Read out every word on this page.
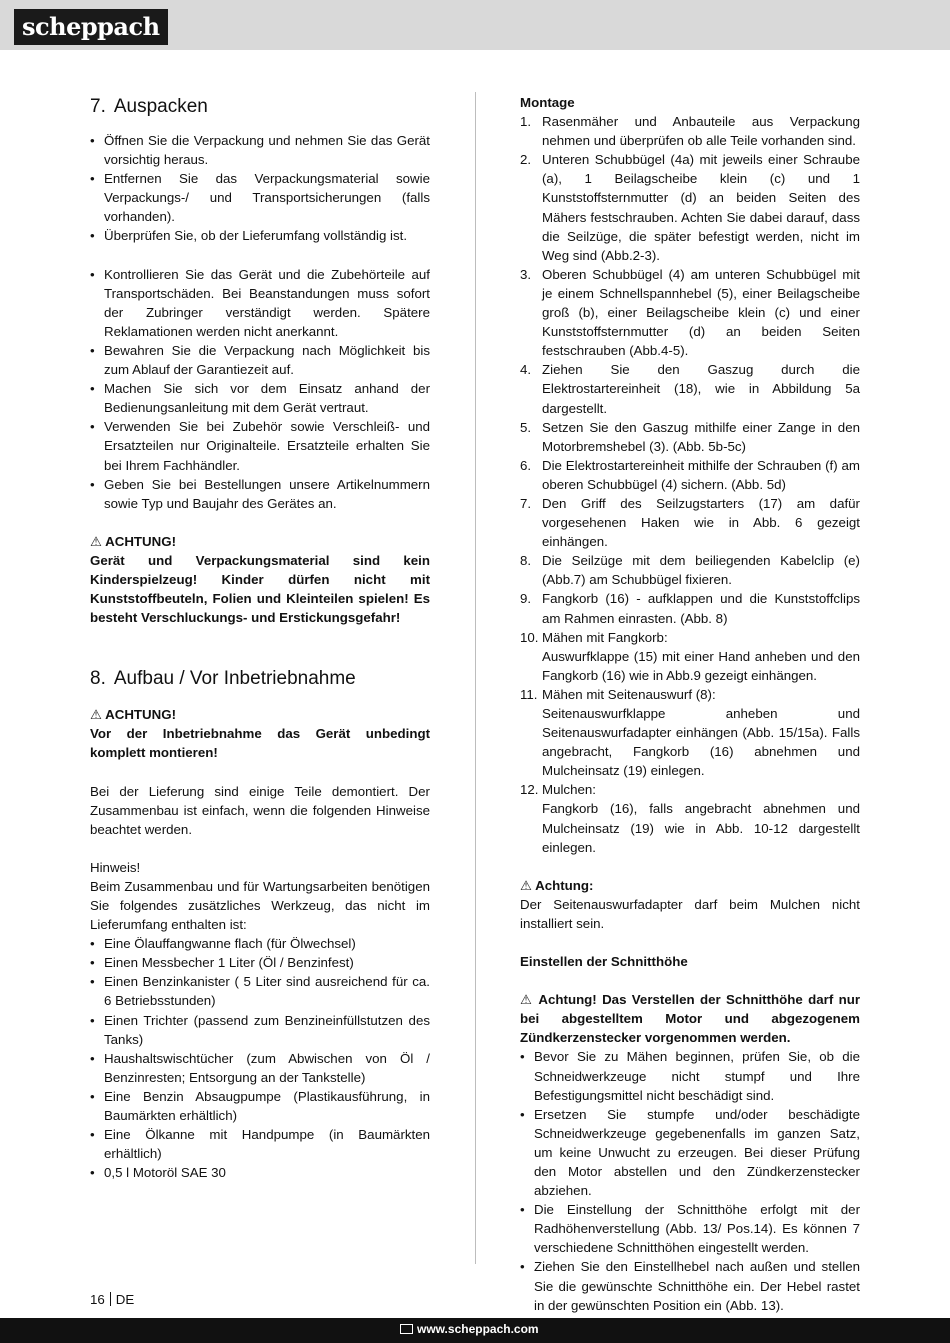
scheppach
7. Auspacken
• Öffnen Sie die Verpackung und nehmen Sie das Gerät vorsichtig heraus.
• Entfernen Sie das Verpackungsmaterial sowie Verpackungs-/ und Transportsicherungen (falls vorhanden).
• Überprüfen Sie, ob der Lieferumfang vollständig ist.
• Kontrollieren Sie das Gerät und die Zubehörteile auf Transportschäden. Bei Beanstandungen muss sofort der Zubringer verständigt werden. Spätere Reklamationen werden nicht anerkannt.
• Bewahren Sie die Verpackung nach Möglichkeit bis zum Ablauf der Garantiezeit auf.
• Machen Sie sich vor dem Einsatz anhand der Bedienungsanleitung mit dem Gerät vertraut.
• Verwenden Sie bei Zubehör sowie Verschleiß- und Ersatzteilen nur Originalteile. Ersatzteile erhalten Sie bei Ihrem Fachhändler.
• Geben Sie bei Bestellungen unsere Artikelnummern sowie Typ und Baujahr des Gerätes an.

⚠ ACHTUNG!

Gerät und Verpackungsmaterial sind kein Kinderspielzeug! Kinder dürfen nicht mit Kunststoffbeuteln, Folien und Kleinteilen spielen! Es besteht Verschluckungs- und Erstickungsgefahr!

8. Aufbau / Vor Inbetriebnahme

⚠ ACHTUNG!

Vor der Inbetriebnahme das Gerät unbedingt komplett montieren!

Bei der Lieferung sind einige Teile demontiert. Der Zusammenbau ist einfach, wenn die folgenden Hinweise beachtet werden.

Hinweis!

Beim Zusammenbau und für Wartungsarbeiten benötigen Sie folgendes zusätzliches Werkzeug, das nicht im Lieferumfang enthalten ist:

• Eine Ölauffangwanne flach (für Ölwechsel)
• Einen Messbecher 1 Liter (Öl / Benzinfest)
• Einen Benzinkanister ( 5 Liter sind ausreichend für ca. 6 Betriebsstunden)
• Einen Trichter (passend zum Benzineinfüllstutzen des Tanks)
• Haushaltswischtücher (zum Abwischen von Öl / Benzinresten; Entsorgung an der Tankstelle)
• Eine Benzin Absaugpumpe (Plastikausführung, in Baumärkten erhältlich)
• Eine Ölkanne mit Handpumpe (in Baumärkten erhältlich)
• 0,5 l Motoröl SAE 30

Montage

1. Rasenmäher und Anbauteile aus Verpackung nehmen und überprüfen ob alle Teile vorhanden sind.
2. Unteren Schubbügel (4a) mit jeweils einer Schraube (a), 1 Beilagscheibe klein (c) und 1 Kunststoffsternmutter (d) an beiden Seiten des Mähers festschrauben. Achten Sie dabei darauf, dass die Seilzüge, die später befestigt werden, nicht im Weg sind (Abb.2-3).
3. Oberen Schubbügel (4) am unteren Schubbügel mit je einem Schnellspannhebel (5), einer Beilagscheibe groß (b), einer Beilagscheibe klein (c) und einer Kunststoffsternmutter (d) an beiden Seiten festschrauben (Abb.4-5).
4. Ziehen Sie den Gaszug durch die Elektrostartereinheit (18), wie in Abbildung 5a dargestellt.
5. Setzen Sie den Gaszug mithilfe einer Zange in den Motorbremshebel (3). (Abb. 5b-5c)
6. Die Elektrostartereinheit mithilfe der Schrauben (f) am oberen Schubbügel (4) sichern. (Abb. 5d)
7. Den Griff des Seilzugstarters (17) am dafür vorgesehenen Haken wie in Abb. 6 gezeigt einhängen.
8. Die Seilzüge mit dem beiliegenden Kabelclip (e) (Abb.7) am Schubbügel fixieren.
9. Fangkorb (16) - aufklappen und die Kunststoffclips am Rahmen einrasten. (Abb. 8)
10. Mähen mit Fangkorb:
Auswurfklappe (15) mit einer Hand anheben und den Fangkorb (16) wie in Abb.9 gezeigt einhängen.
11. Mähen mit Seitenauswurf (8):
Seitenauswurfklappe anheben und Seitenauswurfadapter einhängen (Abb. 15/15a). Falls angebracht, Fangkorb (16) abnehmen und Mulcheinsatz (19) einlegen.
12. Mulchen:
Fangkorb (16), falls angebracht abnehmen und Mulcheinsatz (19) wie in Abb. 10-12 dargestellt einlegen.

⚠ Achtung:

Der Seitenauswurfadapter darf beim Mulchen nicht installiert sein.

Einstellen der Schnitthöhe

⚠ Achtung! Das Verstellen der Schnitthöhe darf nur bei abgestelltem Motor und abgezogenem Zündkerzenstecker vorgenommen werden.

• Bevor Sie zu Mähen beginnen, prüfen Sie, ob die Schneidwerkzeuge nicht stumpf und Ihre Befestigungsmittel nicht beschädigt sind.
• Ersetzen Sie stumpfe und/oder beschädigte Schneidwerkzeuge gegebenenfalls im ganzen Satz, um keine Unwucht zu erzeugen. Bei dieser Prüfung den Motor abstellen und den Zündkerzenstecker abziehen.
• Die Einstellung der Schnitthöhe erfolgt mit der Radhöhenverstellung (Abb. 13/ Pos.14). Es können 7 verschiedene Schnitthöhen eingestellt werden.
• Ziehen Sie den Einstellhebel nach außen und stellen Sie die gewünschte Schnitthöhe ein. Der Hebel rastet in der gewünschten Position ein (Abb. 13).
16 DE
www.scheppach.com
